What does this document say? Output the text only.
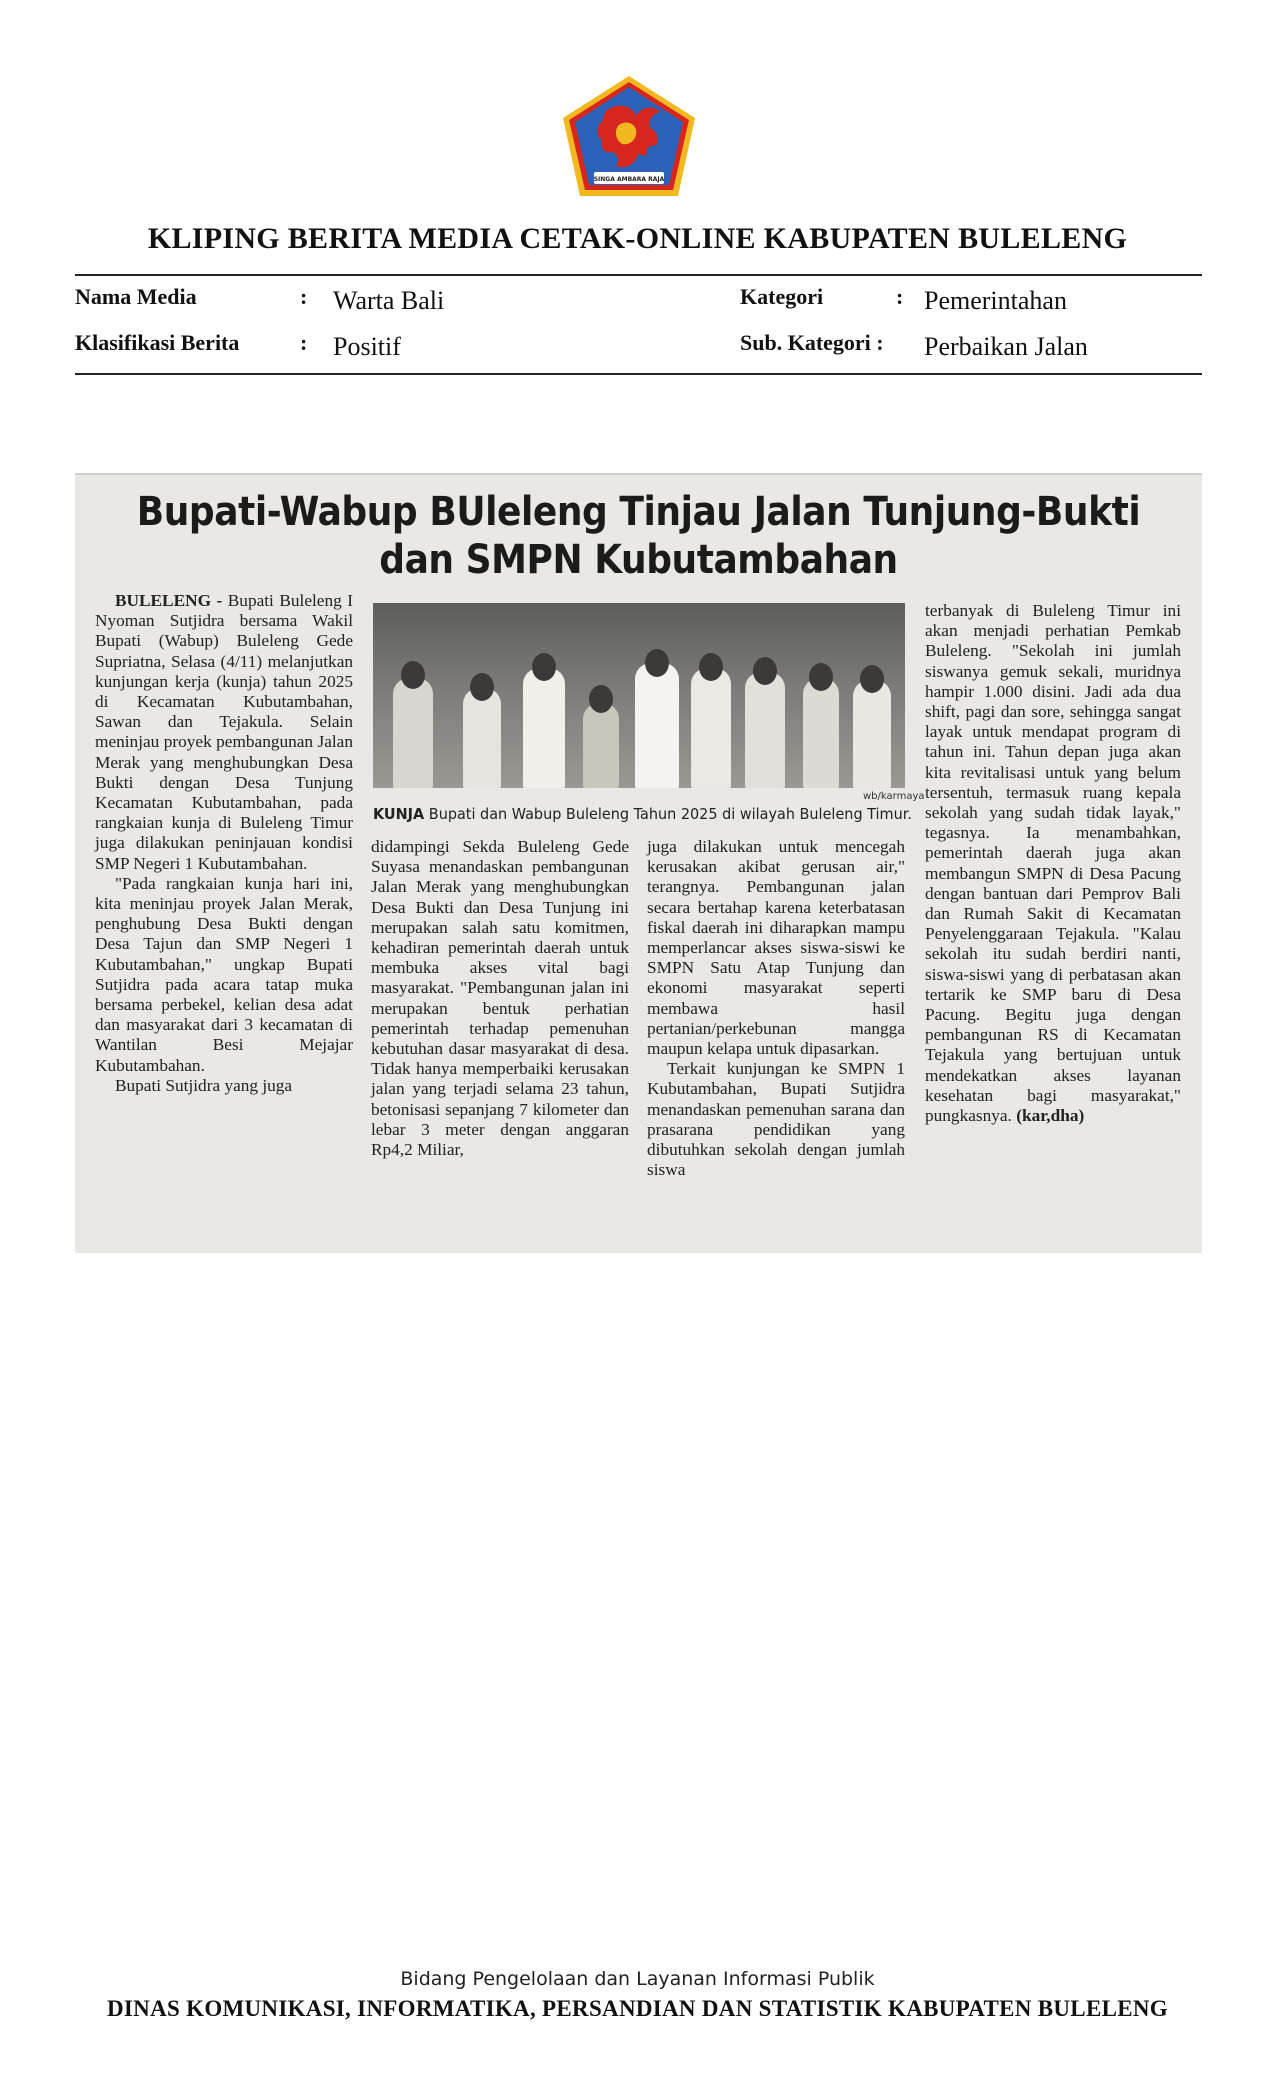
SINGA AMBARA RAJA
KLIPING BERITA MEDIA CETAK-ONLINE KABUPATEN BULELENG
Nama Media	: Warta Bali
Klasifikasi Berita	: Positif
Kategori	: Pemerintahan
Sub. Kategori : Perbaikan Jalan
Bupati-Wabup BUleleng Tinjau Jalan Tunjung-Bukti
dan SMPN Kubutambahan

BULELENG - Bupati Buleleng I Nyoman Sutjidra bersama Wakil Bupati (Wabup) Buleleng Gede Supriatna, Selasa (4/11) melanjutkan kunjungan kerja (kunja) tahun 2025 di Kecamatan Kubutambahan, Sawan dan Tejakula. Selain meninjau proyek pembangunan Jalan Merak yang menghubungkan Desa Bukti dengan Desa Tunjung Kecamatan Kubutambahan, pada rangkaian kunja di Buleleng Timur juga dilakukan peninjauan kondisi SMP Negeri 1 Kubutambahan.

"Pada rangkaian kunja hari ini, kita meninjau proyek Jalan Merak, penghubung Desa Bukti dengan Desa Tajun dan SMP Negeri 1 Kubutambahan," ungkap Bupati Sutjidra pada acara tatap muka bersama perbekel, kelian desa adat dan masyarakat dari 3 kecamatan di Wantilan Besi Mejajar Kubutambahan.

Bupati Sutjidra yang juga

wb/karmaya
KUNJA Bupati dan Wabup Buleleng Tahun 2025 di wilayah Buleleng Timur.

didampingi Sekda Buleleng Gede Suyasa menandaskan pembangunan Jalan Merak yang menghubungkan Desa Bukti dan Desa Tunjung ini merupakan salah satu komitmen, kehadiran pemerintah daerah untuk membuka akses vital bagi masyarakat. "Pembangunan jalan ini merupakan bentuk perhatian pemerintah terhadap pemenuhan kebutuhan dasar masyarakat di desa. Tidak hanya memperbaiki kerusakan jalan yang terjadi selama 23 tahun, betonisasi sepanjang 7 kilometer dan lebar 3 meter dengan anggaran Rp4,2 Miliar,

juga dilakukan untuk mencegah kerusakan akibat gerusan air," terangnya. Pembangunan jalan secara bertahap karena keterbatasan fiskal daerah ini diharapkan mampu memperlancar akses siswa-siswi ke SMPN Satu Atap Tunjung dan ekonomi masyarakat seperti membawa hasil pertanian/perkebunan mangga maupun kelapa untuk dipasarkan.

Terkait kunjungan ke SMPN 1 Kubutambahan, Bupati Sutjidra menandaskan pemenuhan sarana dan prasarana pendidikan yang dibutuhkan sekolah dengan jumlah siswa

terbanyak di Buleleng Timur ini akan menjadi perhatian Pemkab Buleleng. "Sekolah ini jumlah siswanya gemuk sekali, muridnya hampir 1.000 disini. Jadi ada dua shift, pagi dan sore, sehingga sangat layak untuk mendapat program di tahun ini. Tahun depan juga akan kita revitalisasi untuk yang belum tersentuh, termasuk ruang kepala sekolah yang sudah tidak layak," tegasnya. Ia menambahkan, pemerintah daerah juga akan membangun SMPN di Desa Pacung dengan bantuan dari Pemprov Bali dan Rumah Sakit di Kecamatan Penyelenggaraan Tejakula. "Kalau sekolah itu sudah berdiri nanti, siswa-siswi yang di perbatasan akan tertarik ke SMP baru di Desa Pacung. Begitu juga dengan pembangunan RS di Kecamatan Tejakula yang bertujuan untuk mendekatkan akses layanan kesehatan bagi masyarakat," pungkasnya. (kar,dha)

Bidang Pengelolaan dan Layanan Informasi Publik
DINAS KOMUNIKASI, INFORMATIKA, PERSANDIAN DAN STATISTIK KABUPATEN BULELENG
